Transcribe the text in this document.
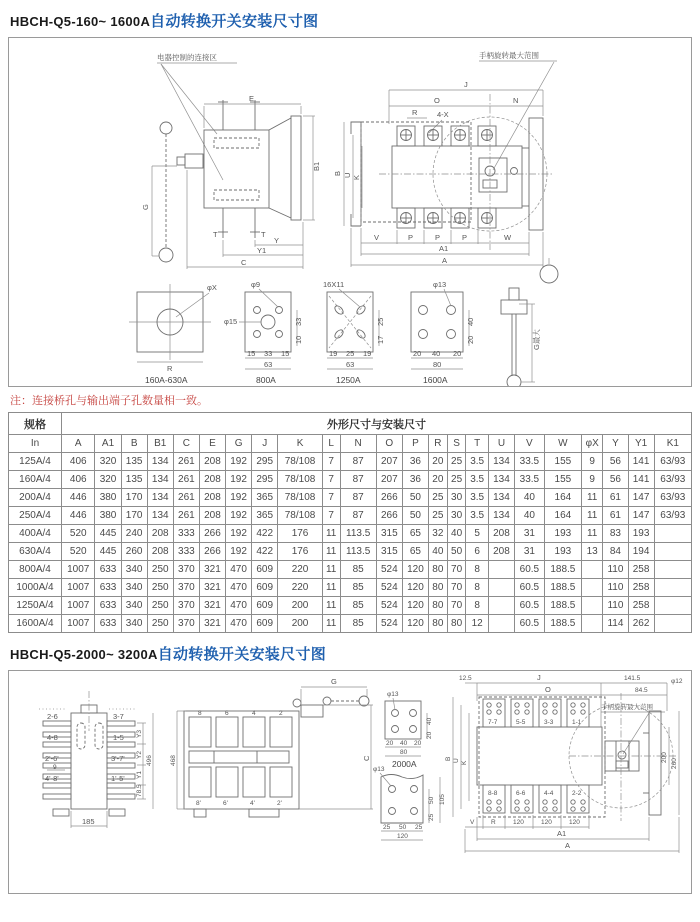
HBCH-Q5-160~ 1600A自动转换开关安装尺寸图
电器控制的连接区
T	T
E
B1
G
Y
Y1
C
手柄旋转最大范围
J
O	N
R	4-X
B U K
V	P	P	P	W
A1
A
φX
R
160A-630A
φ9
φ15	33
10
15 33 15
63
800A
16X11
25
17
19 25 19
63
1250A
φ13
40
20
20 40 20
80
1600A
G最大
注：连接桥孔与输出端子孔数量相一致。
规格	外形尺寸与安装尺寸																						
In	A	A1	B	B1	C	E	G	J	K	L	N	O	P	R	S	T	U	V	W	φX	Y	Y1	K1
125A/4	406	320	135	134	261	208	192	295	78/108	7	87	207	36	20	25	3.5	134	33.5	155	9	56	141	63/93
160A/4	406	320	135	134	261	208	192	295	78/108	7	87	207	36	20	25	3.5	134	33.5	155	9	56	141	63/93
200A/4	446	380	170	134	261	208	192	365	78/108	7	87	266	50	25	30	3.5	134	40	164	11	61	147	63/93
250A/4	446	380	170	134	261	208	192	365	78/108	7	87	266	50	25	30	3.5	134	40	164	11	61	147	63/93
400A/4	520	445	240	208	333	266	192	422	176	11	113.5	315	65	32	40	5	208	31	193	11	83	193	
630A/4	520	445	260	208	333	266	192	422	176	11	113.5	315	65	40	50	6	208	31	193	13	84	194	
800A/4	1007	633	340	250	370	321	470	609	220	11	85	524	120	80	70	8		60.5	188.5		110	258	
1000A/4	1007	633	340	250	370	321	470	609	220	11	85	524	120	80	70	8		60.5	188.5		110	258	
1250A/4	1007	633	340	250	370	321	470	609	200	11	85	524	120	80	70	8		60.5	188.5		110	258	
1600A/4	1007	633	340	250	370	321	470	609	200	11	85	524	120	80	80	12		60.5	188.5		114	262	
HBCH-Q5-2000~ 3200A自动转换开关安装尺寸图
2-6
4-8
2'-6'
4'-8'
9
3-7
1-5
3'-7'
1'-5'
Y3
Y2
Y1
78.5
496
185
8	6	4	2
8'	6'	4'	2'
468
G
C
φ13
40
20
20 40 20
80
2000A
φ13
50
25
105
25 50 25
120
12.5	J	141.5	φ12
O	84.5
手柄旋转最大范围
7-7	5-5	3-3	1-1
8-8	6-6	4-4	2-2
B U K	200
260
V	R	120	120	120
A1
A
